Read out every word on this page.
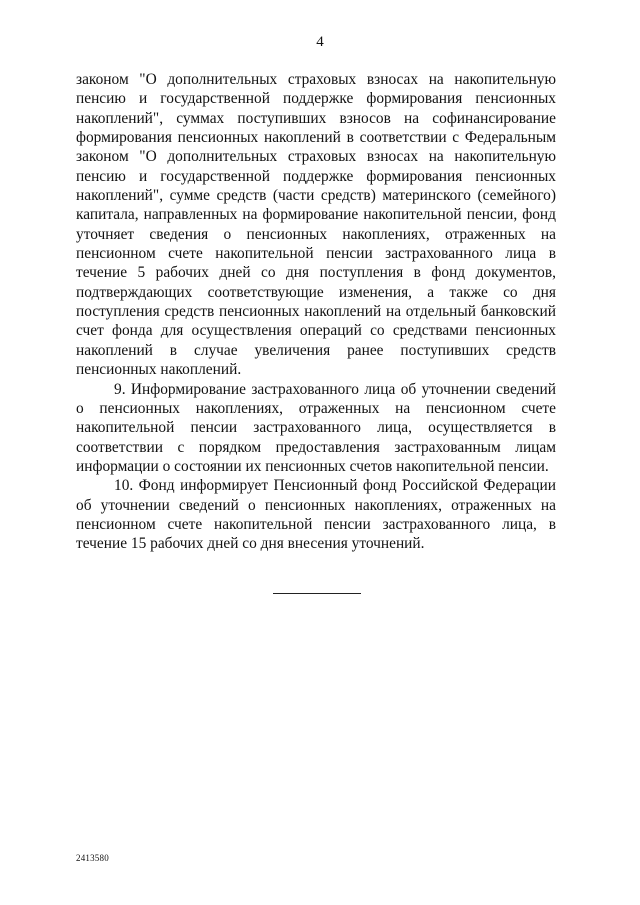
4

законом "О дополнительных страховых взносах на накопительную пенсию и государственной поддержке формирования пенсионных накоплений", суммах поступивших взносов на софинансирование формирования пенсионных накоплений в соответствии с Федеральным законом "О дополнительных страховых взносах на накопительную пенсию и государственной поддержке формирования пенсионных накоплений", сумме средств (части средств) материнского (семейного) капитала, направленных на формирование накопительной пенсии, фонд уточняет сведения о пенсионных накоплениях, отраженных на пенсионном счете накопительной пенсии застрахованного лица в течение 5 рабочих дней со дня поступления в фонд документов, подтверждающих соответствующие изменения, а также со дня поступления средств пенсионных накоплений на отдельный банковский счет фонда для осуществления операций со средствами пенсионных накоплений в случае увеличения ранее поступивших средств пенсионных накоплений.

9. Информирование застрахованного лица об уточнении сведений о пенсионных накоплениях, отраженных на пенсионном счете накопительной пенсии застрахованного лица, осуществляется в соответствии с порядком предоставления застрахованным лицам информации о состоянии их пенсионных счетов накопительной пенсии.

10. Фонд информирует Пенсионный фонд Российской Федерации об уточнении сведений о пенсионных накоплениях, отраженных на пенсионном счете накопительной пенсии застрахованного лица, в течение 15 рабочих дней со дня внесения уточнений.

2413580
